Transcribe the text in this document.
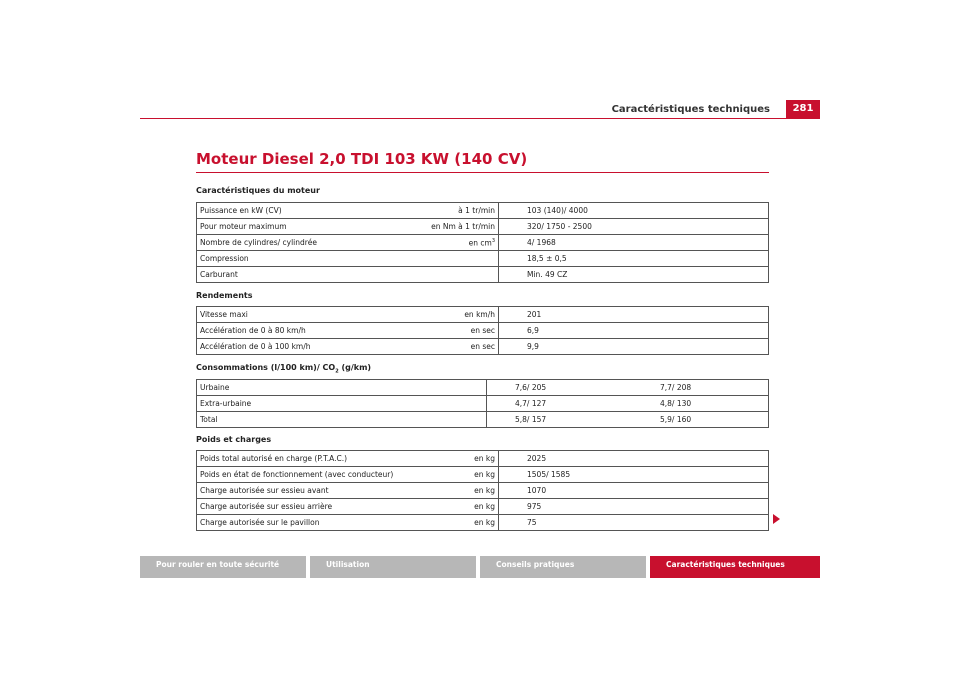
Caractéristiques techniques	281
Moteur Diesel 2,0 TDI 103 KW (140 CV)
Caractéristiques du moteur
Puissance en kW (CV)	à 1 tr/min	103 (140)/ 4000
Pour moteur maximum	en Nm à 1 tr/min	320/ 1750 - 2500
Nombre de cylindres/ cylindrée	en $cm^3$	4/ 1968
Compression		18,5 ± 0,5
Carburant		Min. 49 CZ
Rendements
Vitesse maxi	en km/h	201
Accélération de 0 à 80 km/h	en sec	6,9
Accélération de 0 à 100 km/h	en sec	9,9
Consommations (l/100 km)/ $CO_2$ (g/km)
Urbaine	7,6/ 205	7,7/ 208
Extra-urbaine	4,7/ 127	4,8/ 130
Total	5,8/ 157	5,9/ 160
Poids et charges
Poids total autorisé en charge (P.T.A.C.)	en kg	2025
Poids en état de fonctionnement (avec conducteur)	en kg	1505/ 1585
Charge autorisée sur essieu avant	en kg	1070
Charge autorisée sur essieu arrière	en kg	975
Charge autorisée sur le pavillon	en kg	75
Pour rouler en toute sécurité	Utilisation	Conseils pratiques	Caractéristiques techniques
